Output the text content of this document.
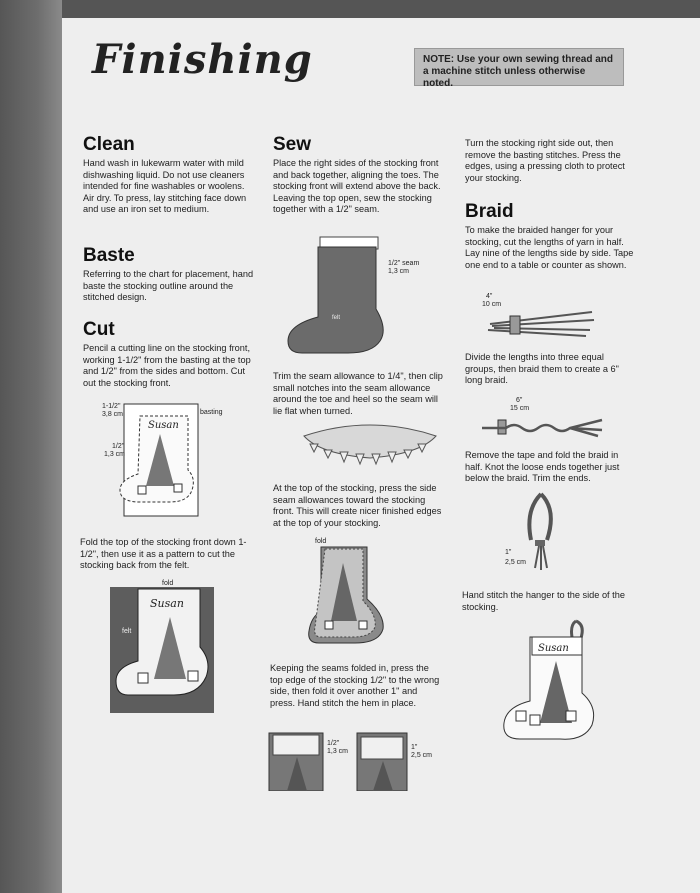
Finishing	NOTE: Use your own sewing thread and a machine stitch unless otherwise noted.
Clean

Hand wash in lukewarm water with mild dishwashing liquid. Do not use cleaners intended for fine washables or woolens. Air dry. To press, lay stitching face down and use an iron set to medium.

Baste

Referring to the chart for placement, hand baste the stocking outline around the stitched design.

Cut

Pencil a cutting line on the stocking front, working 1-1/2" from the basting at the top and 1/2" from the sides and bottom. Cut out the stocking front.

Susan
1-1/2"
3,8 cm
1/2"
1,3 cm
basting

Fold the top of the stocking front down 1-1/2", then use it as a pattern to cut the stocking back from the felt.

Susan
fold
felt
Sew

Place the right sides of the stocking front and back together, aligning the toes. The stocking front will extend above the back. Leaving the top open, sew the stocking together with a 1/2" seam.

felt
1/2" seam
1,3 cm

Trim the seam allowance to 1/4", then clip small notches into the seam allowance around the toe and heel so the seam will lie flat when turned.

At the top of the stocking, press the side seam allowances toward the stocking front. This will create nicer finished edges at the top of your stocking.

fold

Keeping the seams folded in, press the top edge of the stocking 1/2" to the wrong side, then fold it over another 1" and press. Hand stitch the hem in place.

1/2"
1,3 cm
1"
2,5 cm

Turn the stocking right side out, then remove the basting stitches. Press the edges, using a pressing cloth to protect your stocking.

Braid

To make the braided hanger for your stocking, cut the lengths of yarn in half. Lay nine of the lengths side by side. Tape one end to a table or counter as shown.

4"
10 cm

Divide the lengths into three equal groups, then braid them to create a 6" long braid.

6"
15 cm

Remove the tape and fold the braid in half. Knot the loose ends together just below the braid. Trim the ends.

1"
2,5 cm

Hand stitch the hanger to the side of the stocking.

Susan
ElyaZ • Бэйбики • babiki.ru
